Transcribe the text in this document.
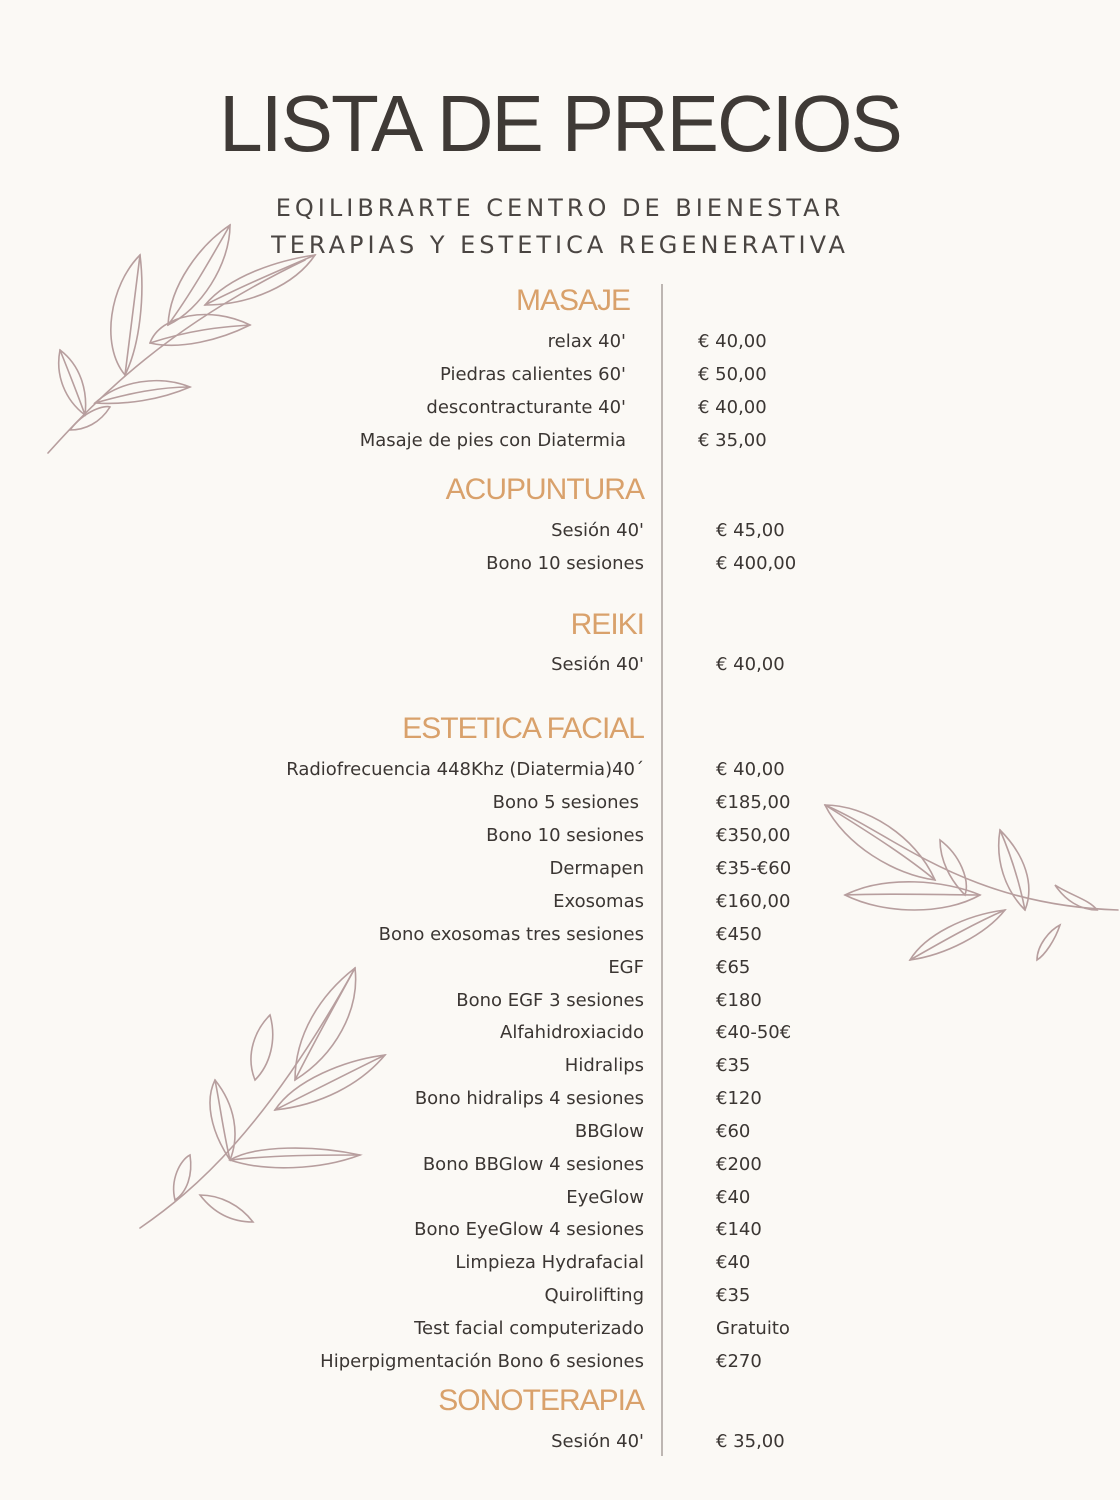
LISTA DE PRECIOS
EQILIBRARTE CENTRO DE BIENESTAR
TERAPIAS Y ESTETICA REGENERATIVA
MASAJE
relax 40'	€ 40,00
Piedras calientes 60'	€ 50,00
descontracturante 40'	€ 40,00
Masaje de pies con Diatermia	€ 35,00
ACUPUNTURA
Sesión 40'	€ 45,00
Bono 10 sesiones	€ 400,00
REIKI
Sesión 40'	€ 40,00
ESTETICA FACIAL
Radiofrecuencia 448Khz (Diatermia)40´	€ 40,00
Bono 5 sesiones	€185,00
Bono 10 sesiones	€350,00
Dermapen	€35-€60
Exosomas	€160,00
Bono exosomas tres sesiones	€450
EGF	€65
Bono EGF 3 sesiones	€180
Alfahidroxiacido	€40-50€
Hidralips	€35
Bono hidralips 4 sesiones	€120
BBGlow	€60
Bono BBGlow 4 sesiones	€200
EyeGlow	€40
Bono EyeGlow 4 sesiones	€140
Limpieza Hydrafacial	€40
Quirolifting	€35
Test facial computerizado	Gratuito
Hiperpigmentación Bono 6 sesiones	€270
SONOTERAPIA
Sesión 40'	€ 35,00
